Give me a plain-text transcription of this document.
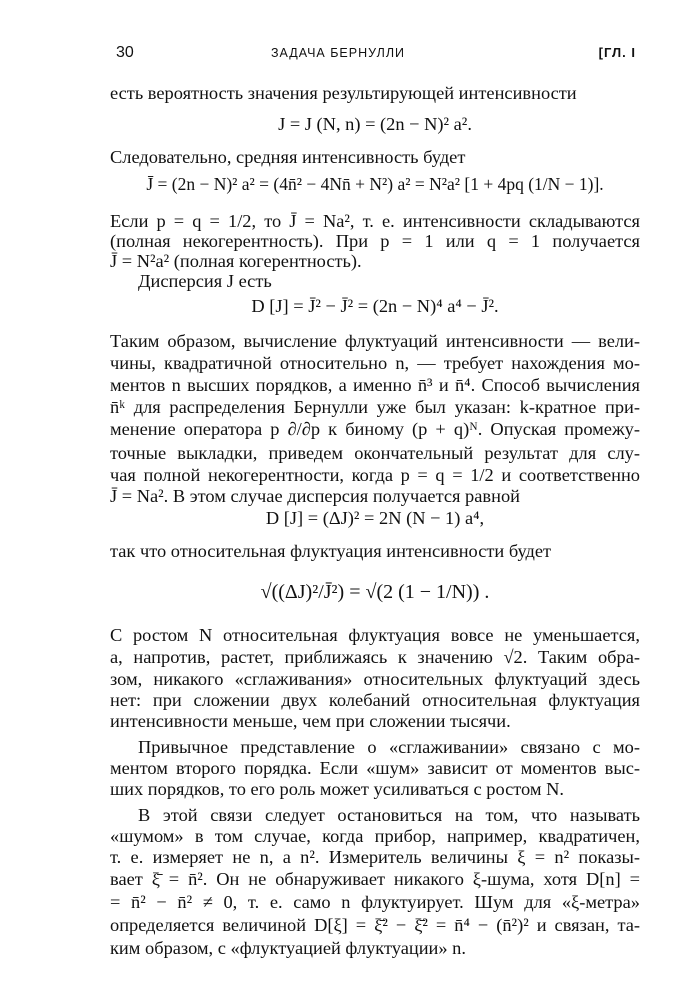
30	ЗАДАЧА БЕРНУЛЛИ	[ГЛ. I
есть вероятность значения результирующей интенсивности
J = J (N, n) = (2n − N)² a².
Следовательно, средняя интенсивность будет
J̄ = (2n − N)² a² = (4n̄² − 4Nn̄ + N²) a² = N²a² [1 + 4pq (1/N − 1)].
Если p = q = 1/2, то J̄ = Na², т. е. интенсивности складываются
(полная некогерентность). При p = 1 или q = 1 получается
J̄ = N²a² (полная когерентность).
Дисперсия J есть
D [J] = J̄² − J̄² = (2n − N)⁴ a⁴ − J̄².
Таким образом, вычисление флуктуаций интенсивности — вели-
чины, квадратичной относительно n, — требует нахождения мо-
ментов n высших порядков, а именно n̄³ и n̄⁴. Способ вычисления
n̄ᵏ для распределения Бернулли уже был указан: k-кратное при-
менение оператора p ∂/∂p к биному (p + q)ᴺ. Опуская промежу-
точные выкладки, приведем окончательный результат для слу-
чая полной некогерентности, когда p = q = 1/2 и соответственно
J̄ = Na². В этом случае дисперсия получается равной
D [J] = (ΔJ)² = 2N (N − 1) a⁴,
так что относительная флуктуация интенсивности будет
√((ΔJ)²/J̄²) = √(2 (1 − 1/N)) .
С ростом N относительная флуктуация вовсе не уменьшается,
а, напротив, растет, приближаясь к значению √2. Таким обра-
зом, никакого «сглаживания» относительных флуктуаций здесь
нет: при сложении двух колебаний относительная флуктуация
интенсивности меньше, чем при сложении тысячи.
Привычное представление о «сглаживании» связано с мо-
ментом второго порядка. Если «шум» зависит от моментов выс-
ших порядков, то его роль может усиливаться с ростом N.
В этой связи следует остановиться на том, что называть
«шумом» в том случае, когда прибор, например, квадратичен,
т. е. измеряет не n, а n². Измеритель величины ξ = n² показы-
вает ξ̄ = n̄². Он не обнаруживает никакого ξ-шума, хотя D[n] =
= n̄² − n̄² ≠ 0, т. е. само n флуктуирует. Шум для «ξ-метра»
определяется величиной D[ξ] = ξ̄² − ξ̄² = n̄⁴ − (n̄²)² и связан, та-
ким образом, с «флуктуацией флуктуации» n.
